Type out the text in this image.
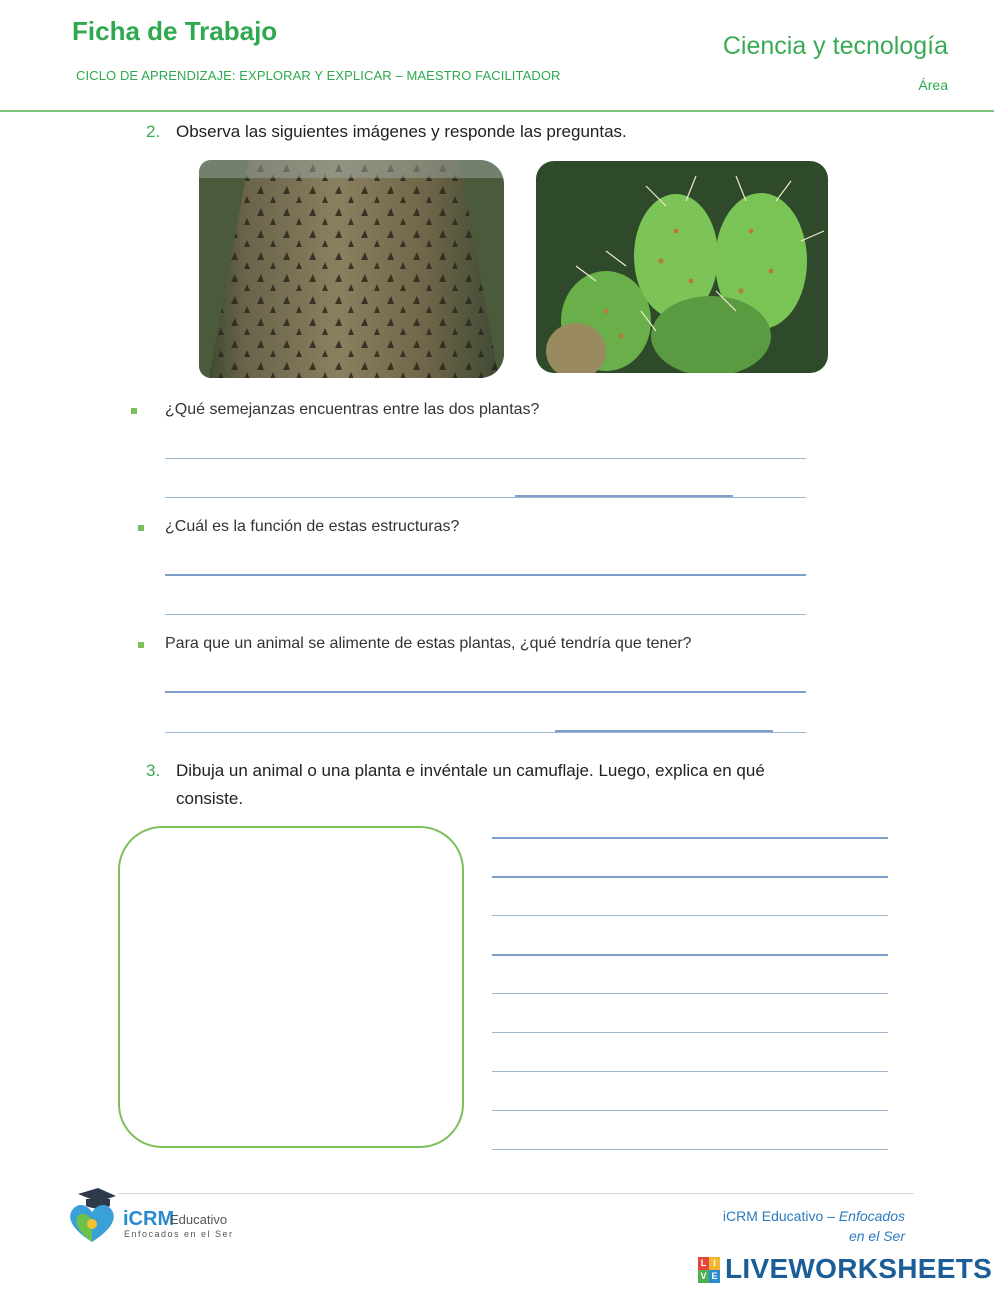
Ficha de Trabajo
CICLO DE APRENDIZAJE: EXPLORAR Y EXPLICAR – MAESTRO FACILITADOR
Ciencia y tecnología
Área
2. Observa las siguientes imágenes y responde las preguntas.
¿Qué semejanzas encuentras entre las dos plantas?
¿Cuál es la función de estas estructuras?
Para que un animal se alimente de estas plantas, ¿qué tendría que tener?
3. Dibuja un animal o una planta e invéntale un camuflaje. Luego, explica en qué
consiste.
iCRM
Educativo
Enfocados en el Ser
iCRM Educativo – Enfocados
en el Ser
L I
V E LIVEWORKSHEETS
